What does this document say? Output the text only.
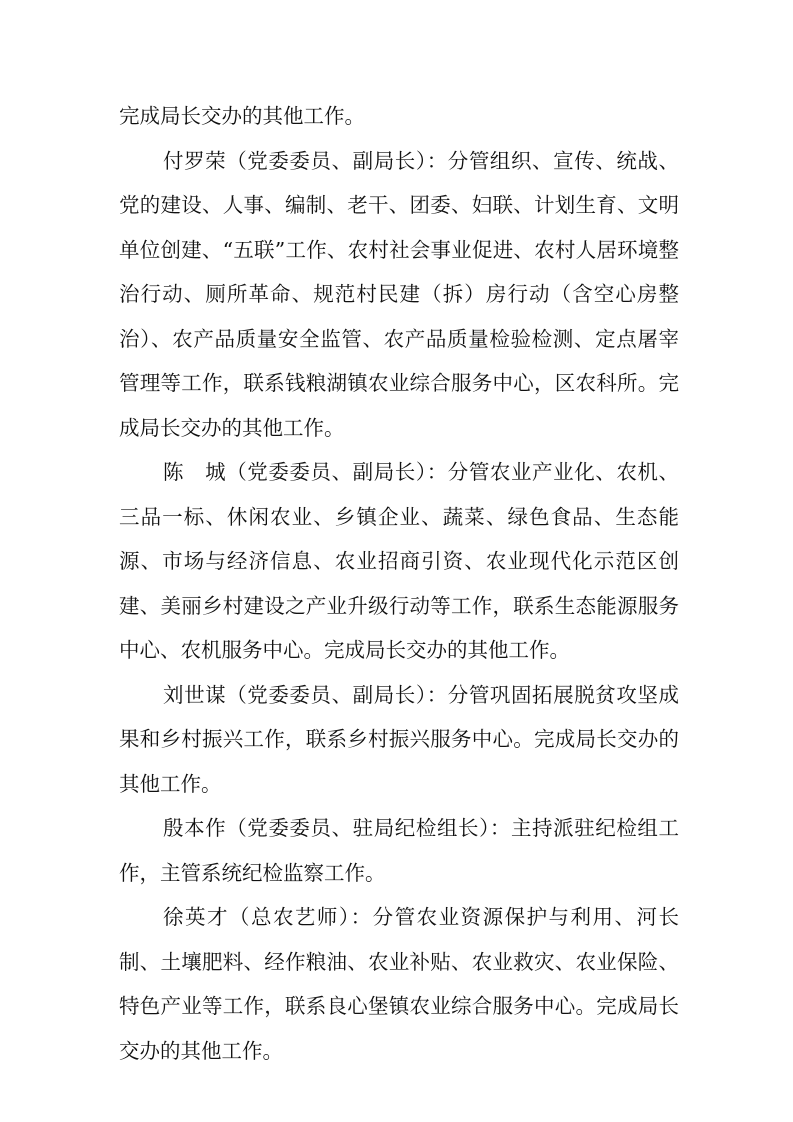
完成局长交办的其他工作。

付罗荣（党委委员、副局长）：分管组织、宣传、统战、党的建设、人事、编制、老干、团委、妇联、计划生育、文明单位创建、“五联”工作、农村社会事业促进、农村人居环境整治行动、厕所革命、规范村民建（拆）房行动（含空心房整治）、农产品质量安全监管、农产品质量检验检测、定点屠宰管理等工作，联系钱粮湖镇农业综合服务中心，区农科所。完成局长交办的其他工作。

陈　城（党委委员、副局长）：分管农业产业化、农机、三品一标、休闲农业、乡镇企业、蔬菜、绿色食品、生态能源、市场与经济信息、农业招商引资、农业现代化示范区创建、美丽乡村建设之产业升级行动等工作，联系生态能源服务中心、农机服务中心。完成局长交办的其他工作。

刘世谋（党委委员、副局长）：分管巩固拓展脱贫攻坚成果和乡村振兴工作，联系乡村振兴服务中心。完成局长交办的其他工作。

殷本作（党委委员、驻局纪检组长）：主持派驻纪检组工作，主管系统纪检监察工作。

徐英才（总农艺师）：分管农业资源保护与利用、河长制、土壤肥料、经作粮油、农业补贴、农业救灾、农业保险、特色产业等工作，联系良心堡镇农业综合服务中心。完成局长交办的其他工作。
